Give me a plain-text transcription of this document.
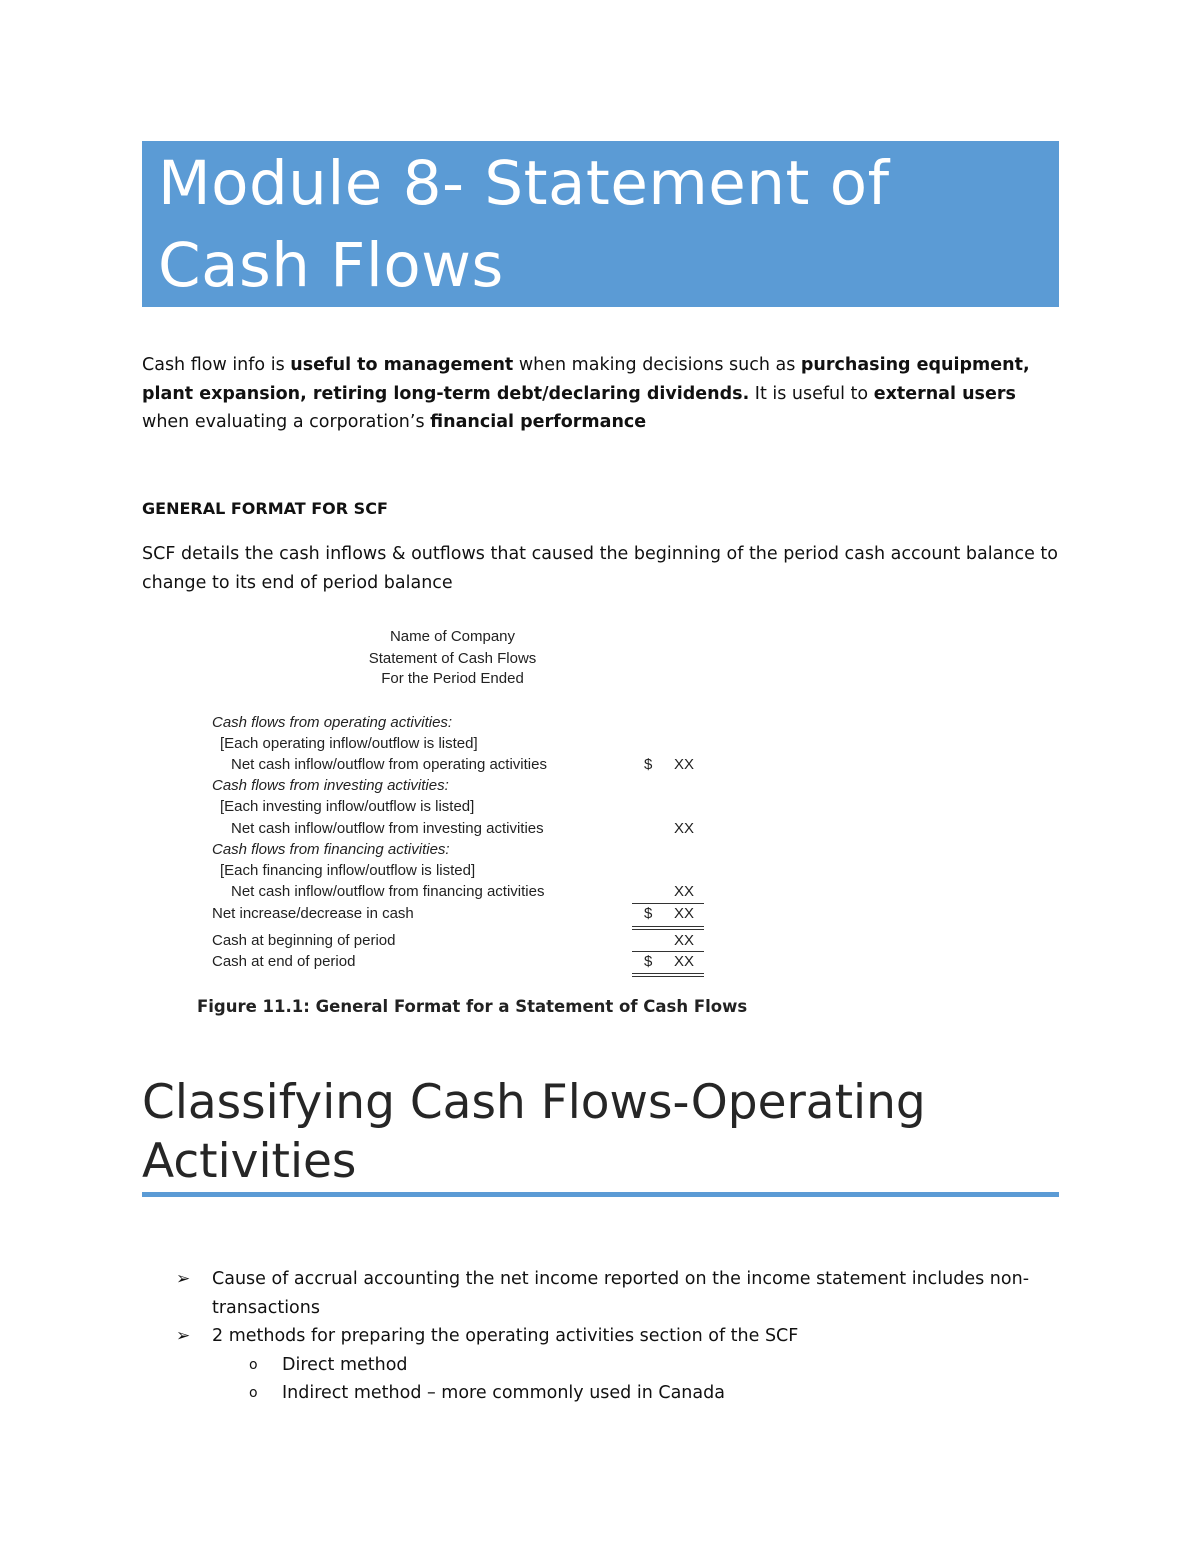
Module 8- Statement of
Cash Flows
Cash flow info is useful to management when making decisions such as purchasing equipment, plant expansion, retiring long-term debt/declaring dividends. It is useful to external users when evaluating a corporation’s financial performance
GENERAL FORMAT FOR SCF
SCF details the cash inflows & outflows that caused the beginning of the period cash account balance to change to its end of period balance
Name of Company
Statement of Cash Flows
For the Period Ended
Cash flows from operating activities:
[Each operating inflow/outflow is listed]
Net cash inflow/outflow from operating activities	$ XX
Cash flows from investing activities:
[Each investing inflow/outflow is listed]
Net cash inflow/outflow from investing activities	XX
Cash flows from financing activities:
[Each financing inflow/outflow is listed]
Net cash inflow/outflow from financing activities	XX
Net increase/decrease in cash	$ XX
Cash at beginning of period	XX
Cash at end of period	$ XX
Figure 11.1: General Format for a Statement of Cash Flows
Classifying Cash Flows-Operating
Activities
➢ Cause of accrual accounting the net income reported on the income statement includes non-transactions
➢ 2 methods for preparing the operating activities section of the SCF
o Direct method
o Indirect method – more commonly used in Canada
